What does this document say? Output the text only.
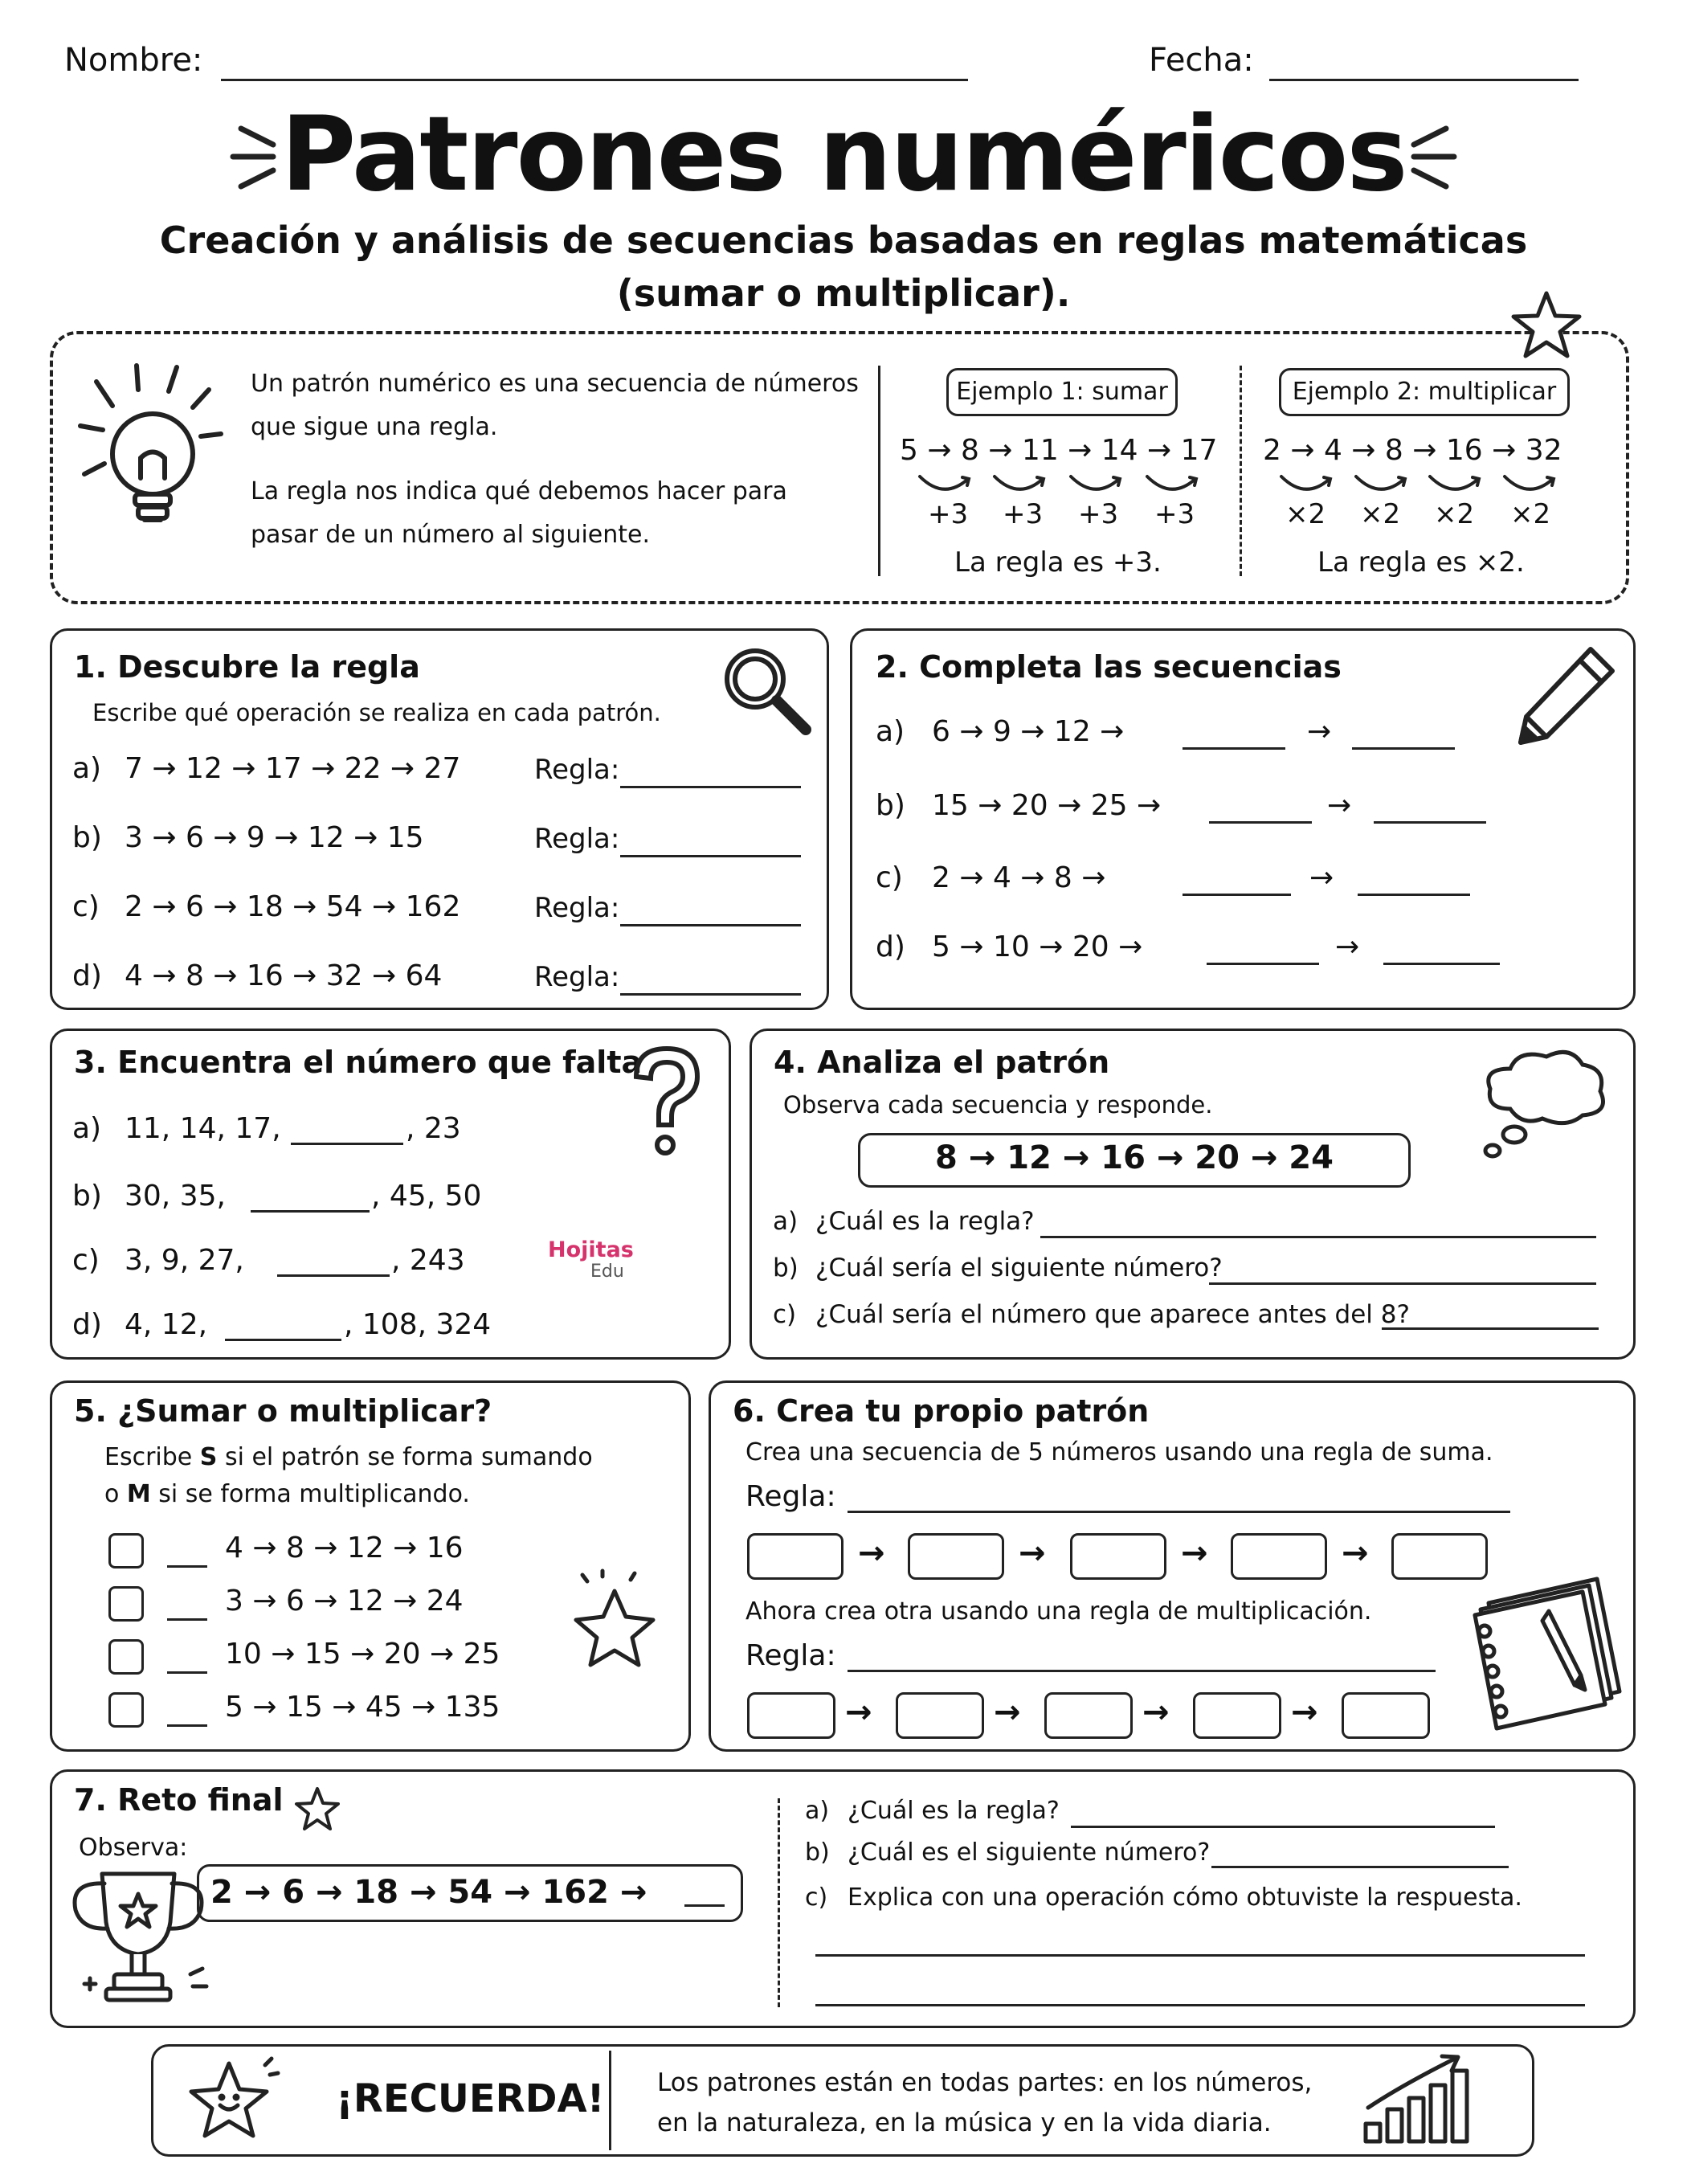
Nombre:	Fecha:
Patrones numéricos
Creación y análisis de secuencias basadas en reglas matemáticas
(sumar o multiplicar).
Un patrón numérico es una secuencia de números
que sigue una regla.
La regla nos indica qué debemos hacer para
pasar de un número al siguiente.
Ejemplo 1: sumar
5 → 8 → 11 → 14 → 17
+3 +3 +3 +3
La regla es +3.
Ejemplo 2: multiplicar
2 → 4 → 8 → 16 → 32
×2 ×2 ×2 ×2
La regla es ×2.
1. Descubre la regla
Escribe qué operación se realiza en cada patrón.
a) 7 → 12 → 17 → 22 → 27	Regla:
b) 3 → 6 → 9 → 12 → 15	Regla:
c) 2 → 6 → 18 → 54 → 162	Regla:
d) 4 → 8 → 16 → 32 → 64	Regla:
2. Completa las secuencias
a) 6 → 9 → 12 →	→
b) 15 → 20 → 25 →	→
c) 2 → 4 → 8 →	→
d) 5 → 10 → 20 →	→
3. Encuentra el número que falta
a) 11, 14, 17,	, 23
b) 30, 35,	, 45, 50
c) 3, 9, 27,	, 243
d) 4, 12,	, 108, 324
Hojitas
Edu
4. Analiza el patrón
Observa cada secuencia y responde.
8 → 12 → 16 → 20 → 24
a) ¿Cuál es la regla?
b) ¿Cuál sería el siguiente número?
c) ¿Cuál sería el número que aparece antes del 8?
5. ¿Sumar o multiplicar?
Escribe S si el patrón se forma sumando
o M si se forma multiplicando.
4 → 8 → 12 → 16
3 → 6 → 12 → 24
10 → 15 → 20 → 25
5 → 15 → 45 → 135
6. Crea tu propio patrón
Crea una secuencia de 5 números usando una regla de suma.
Regla:
→	→	→	→
Ahora crea otra usando una regla de multiplicación.
Regla:
→	→	→	→
7. Reto final
Observa:
2 → 6 → 18 → 54 → 162 →
a) ¿Cuál es la regla?
b) ¿Cuál es el siguiente número?
c) Explica con una operación cómo obtuviste la respuesta.
¡RECUERDA! Los patrones están en todas partes: en los números,
en la naturaleza, en la música y en la vida diaria.
